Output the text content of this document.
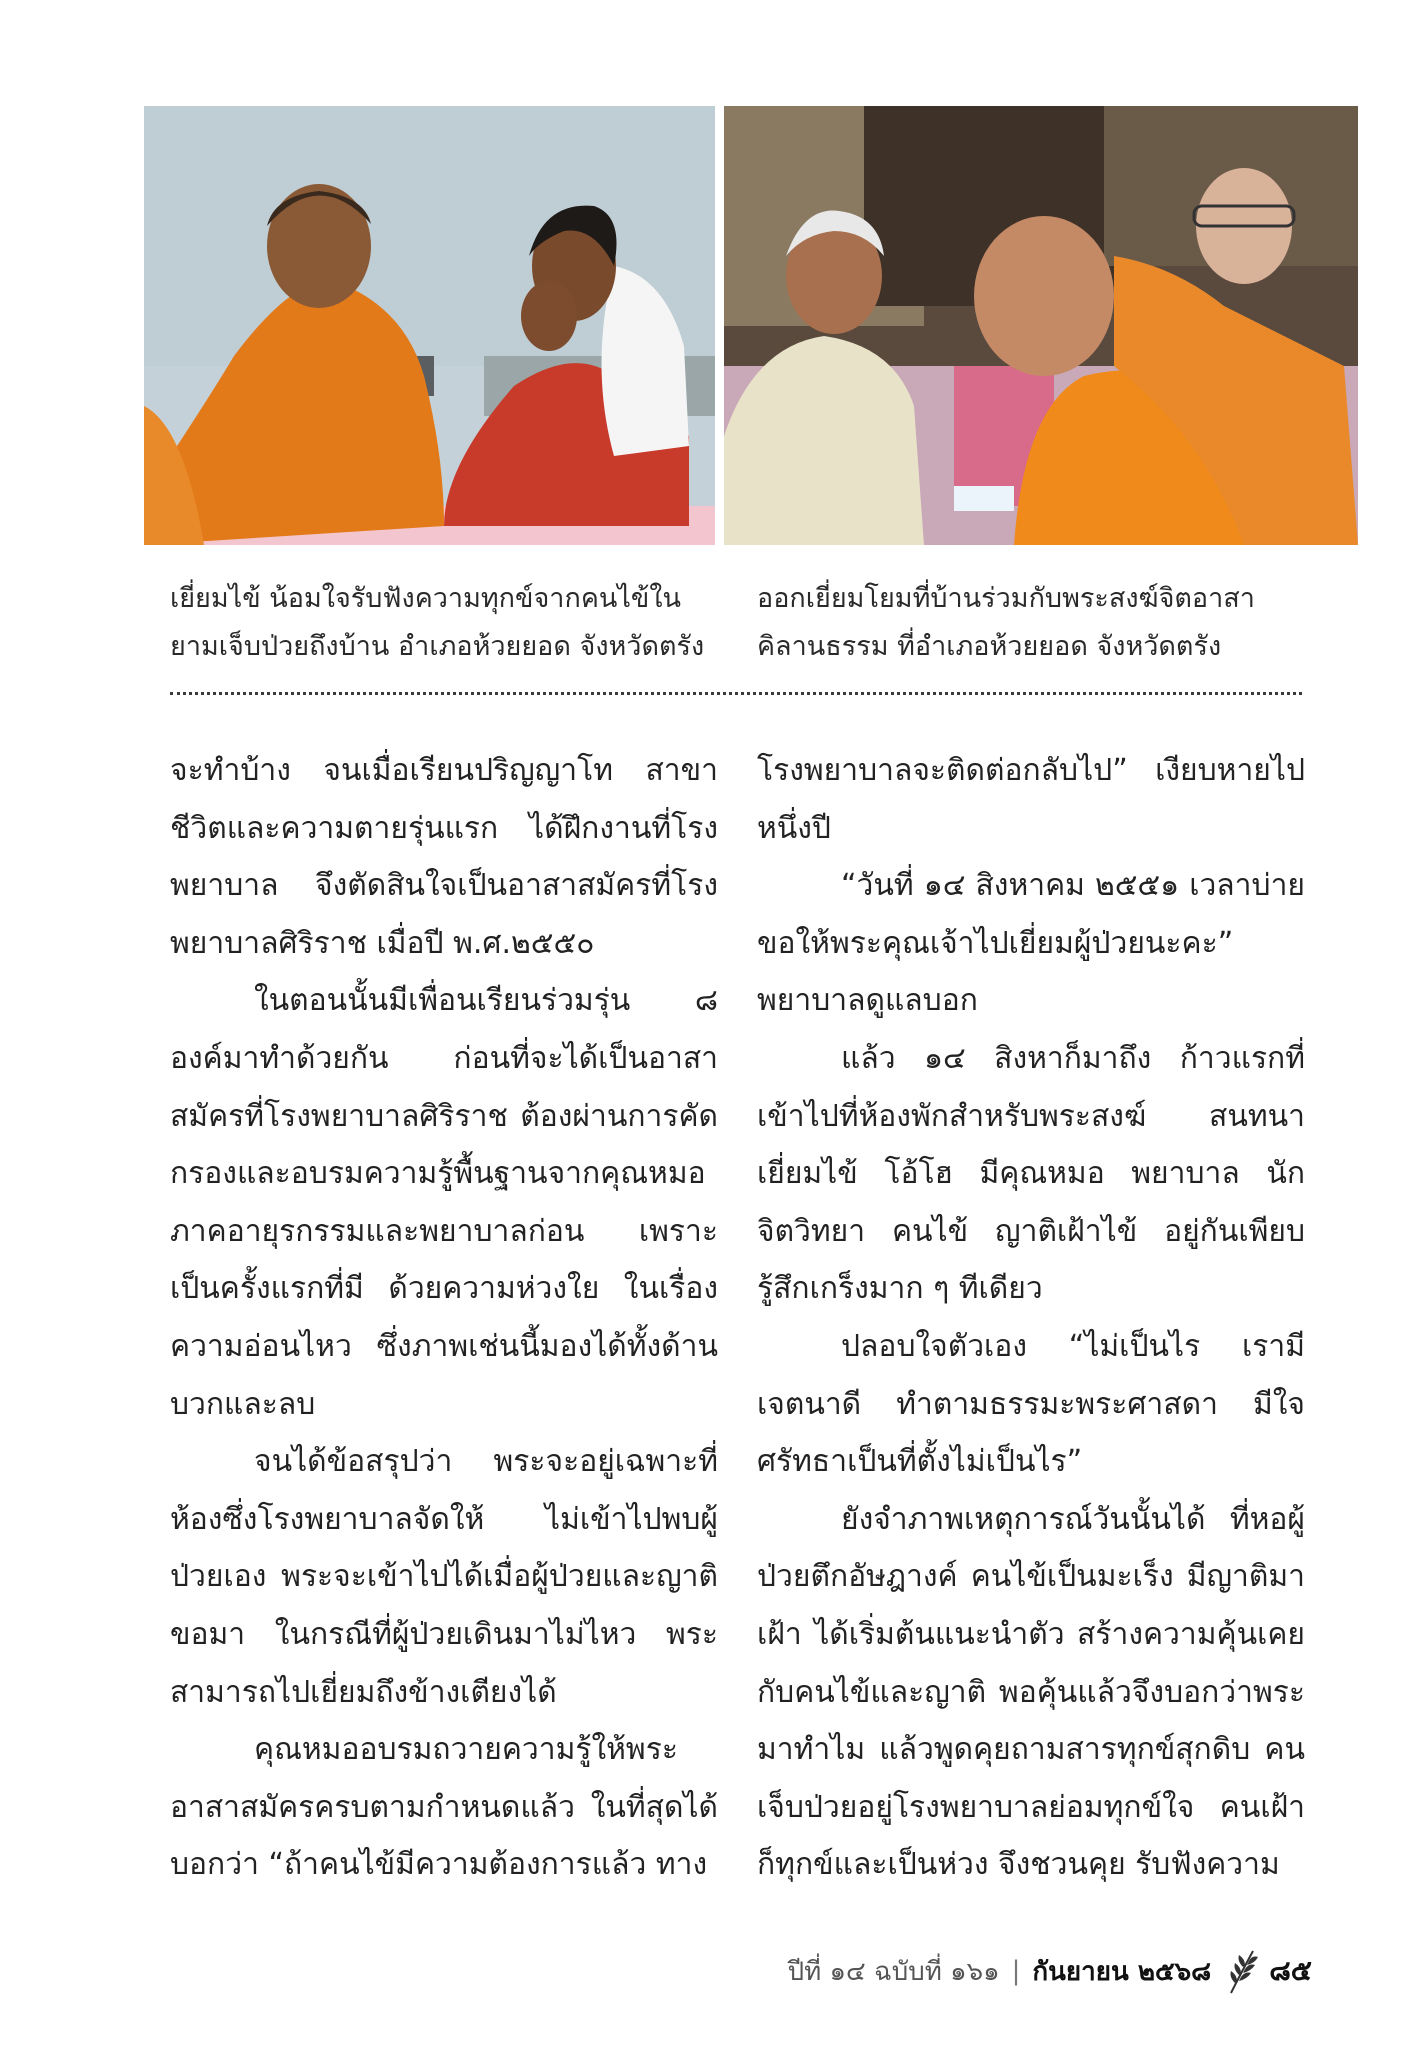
เยี่ยมไข้ น้อมใจรับฟังความทุกข์จากคนไข้ในยามเจ็บป่วยถึงบ้าน อำเภอห้วยยอด จังหวัดตรัง
ออกเยี่ยมโยมที่บ้านร่วมกับพระสงฆ์จิตอาสา คิลานธรรม ที่อำเภอห้วยยอด จังหวัดตรัง

จะทำบ้าง จนเมื่อเรียนปริญญาโท สาขาชีวิตและความตายรุ่นแรก ได้ฝึกงานที่โรงพยาบาล จึงตัดสินใจเป็นอาสาสมัครที่โรงพยาบาลศิริราช เมื่อปี พ.ศ.๒๕๕๐

ในตอนนั้นมีเพื่อนเรียนร่วมรุ่น ๘ องค์มาทำด้วยกัน ก่อนที่จะได้เป็นอาสาสมัครที่โรงพยาบาลศิริราช ต้องผ่านการคัดกรองและอบรมความรู้พื้นฐานจากคุณหมอภาคอายุรกรรมและพยาบาลก่อน เพราะเป็นครั้งแรกที่มี ด้วยความห่วงใย ในเรื่องความอ่อนไหว ซึ่งภาพเช่นนี้มองได้ทั้งด้านบวกและลบ

จนได้ข้อสรุปว่า พระจะอยู่เฉพาะที่ห้องซึ่งโรงพยาบาลจัดให้ ไม่เข้าไปพบผู้ป่วยเอง พระจะเข้าไปได้เมื่อผู้ป่วยและญาติขอมา ในกรณีที่ผู้ป่วยเดินมาไม่ไหว พระสามารถไปเยี่ยมถึงข้างเตียงได้

คุณหมออบรมถวายความรู้ให้พระอาสาสมัครครบตามกำหนดแล้ว ในที่สุดได้บอกว่า “ถ้าคนไข้มีความต้องการแล้ว ทาง

โรงพยาบาลจะติดต่อกลับไป” เงียบหายไปหนึ่งปี

“วันที่ ๑๔ สิงหาคม ๒๕๕๑ เวลาบ่าย ขอให้พระคุณเจ้าไปเยี่ยมผู้ป่วยนะคะ” พยาบาลดูแลบอก

แล้ว ๑๔ สิงหาก็มาถึง ก้าวแรกที่เข้าไปที่ห้องพักสำหรับพระสงฆ์ สนทนาเยี่ยมไข้ โอ้โฮ มีคุณหมอ พยาบาล นักจิตวิทยา คนไข้ ญาติเฝ้าไข้ อยู่กันเพียบ รู้สึกเกร็งมาก ๆ ทีเดียว

ปลอบใจตัวเอง “ไม่เป็นไร เรามีเจตนาดี ทำตามธรรมะพระศาสดา มีใจศรัทธาเป็นที่ตั้งไม่เป็นไร”

ยังจำภาพเหตุการณ์วันนั้นได้ ที่หอผู้ป่วยตึกอัษฎางค์ คนไข้เป็นมะเร็ง มีญาติมาเฝ้า ได้เริ่มต้นแนะนำตัว สร้างความคุ้นเคยกับคนไข้และญาติ พอคุ้นแล้วจึงบอกว่าพระมาทำไม แล้วพูดคุยถามสารทุกข์สุกดิบ คนเจ็บป่วยอยู่โรงพยาบาลย่อมทุกข์ใจ คนเฝ้าก็ทุกข์และเป็นห่วง จึงชวนคุย รับฟังความ

ปีที่ ๑๔ ฉบับที่ ๑๖๑ | กันยายน ๒๕๖๘ ๘๕
